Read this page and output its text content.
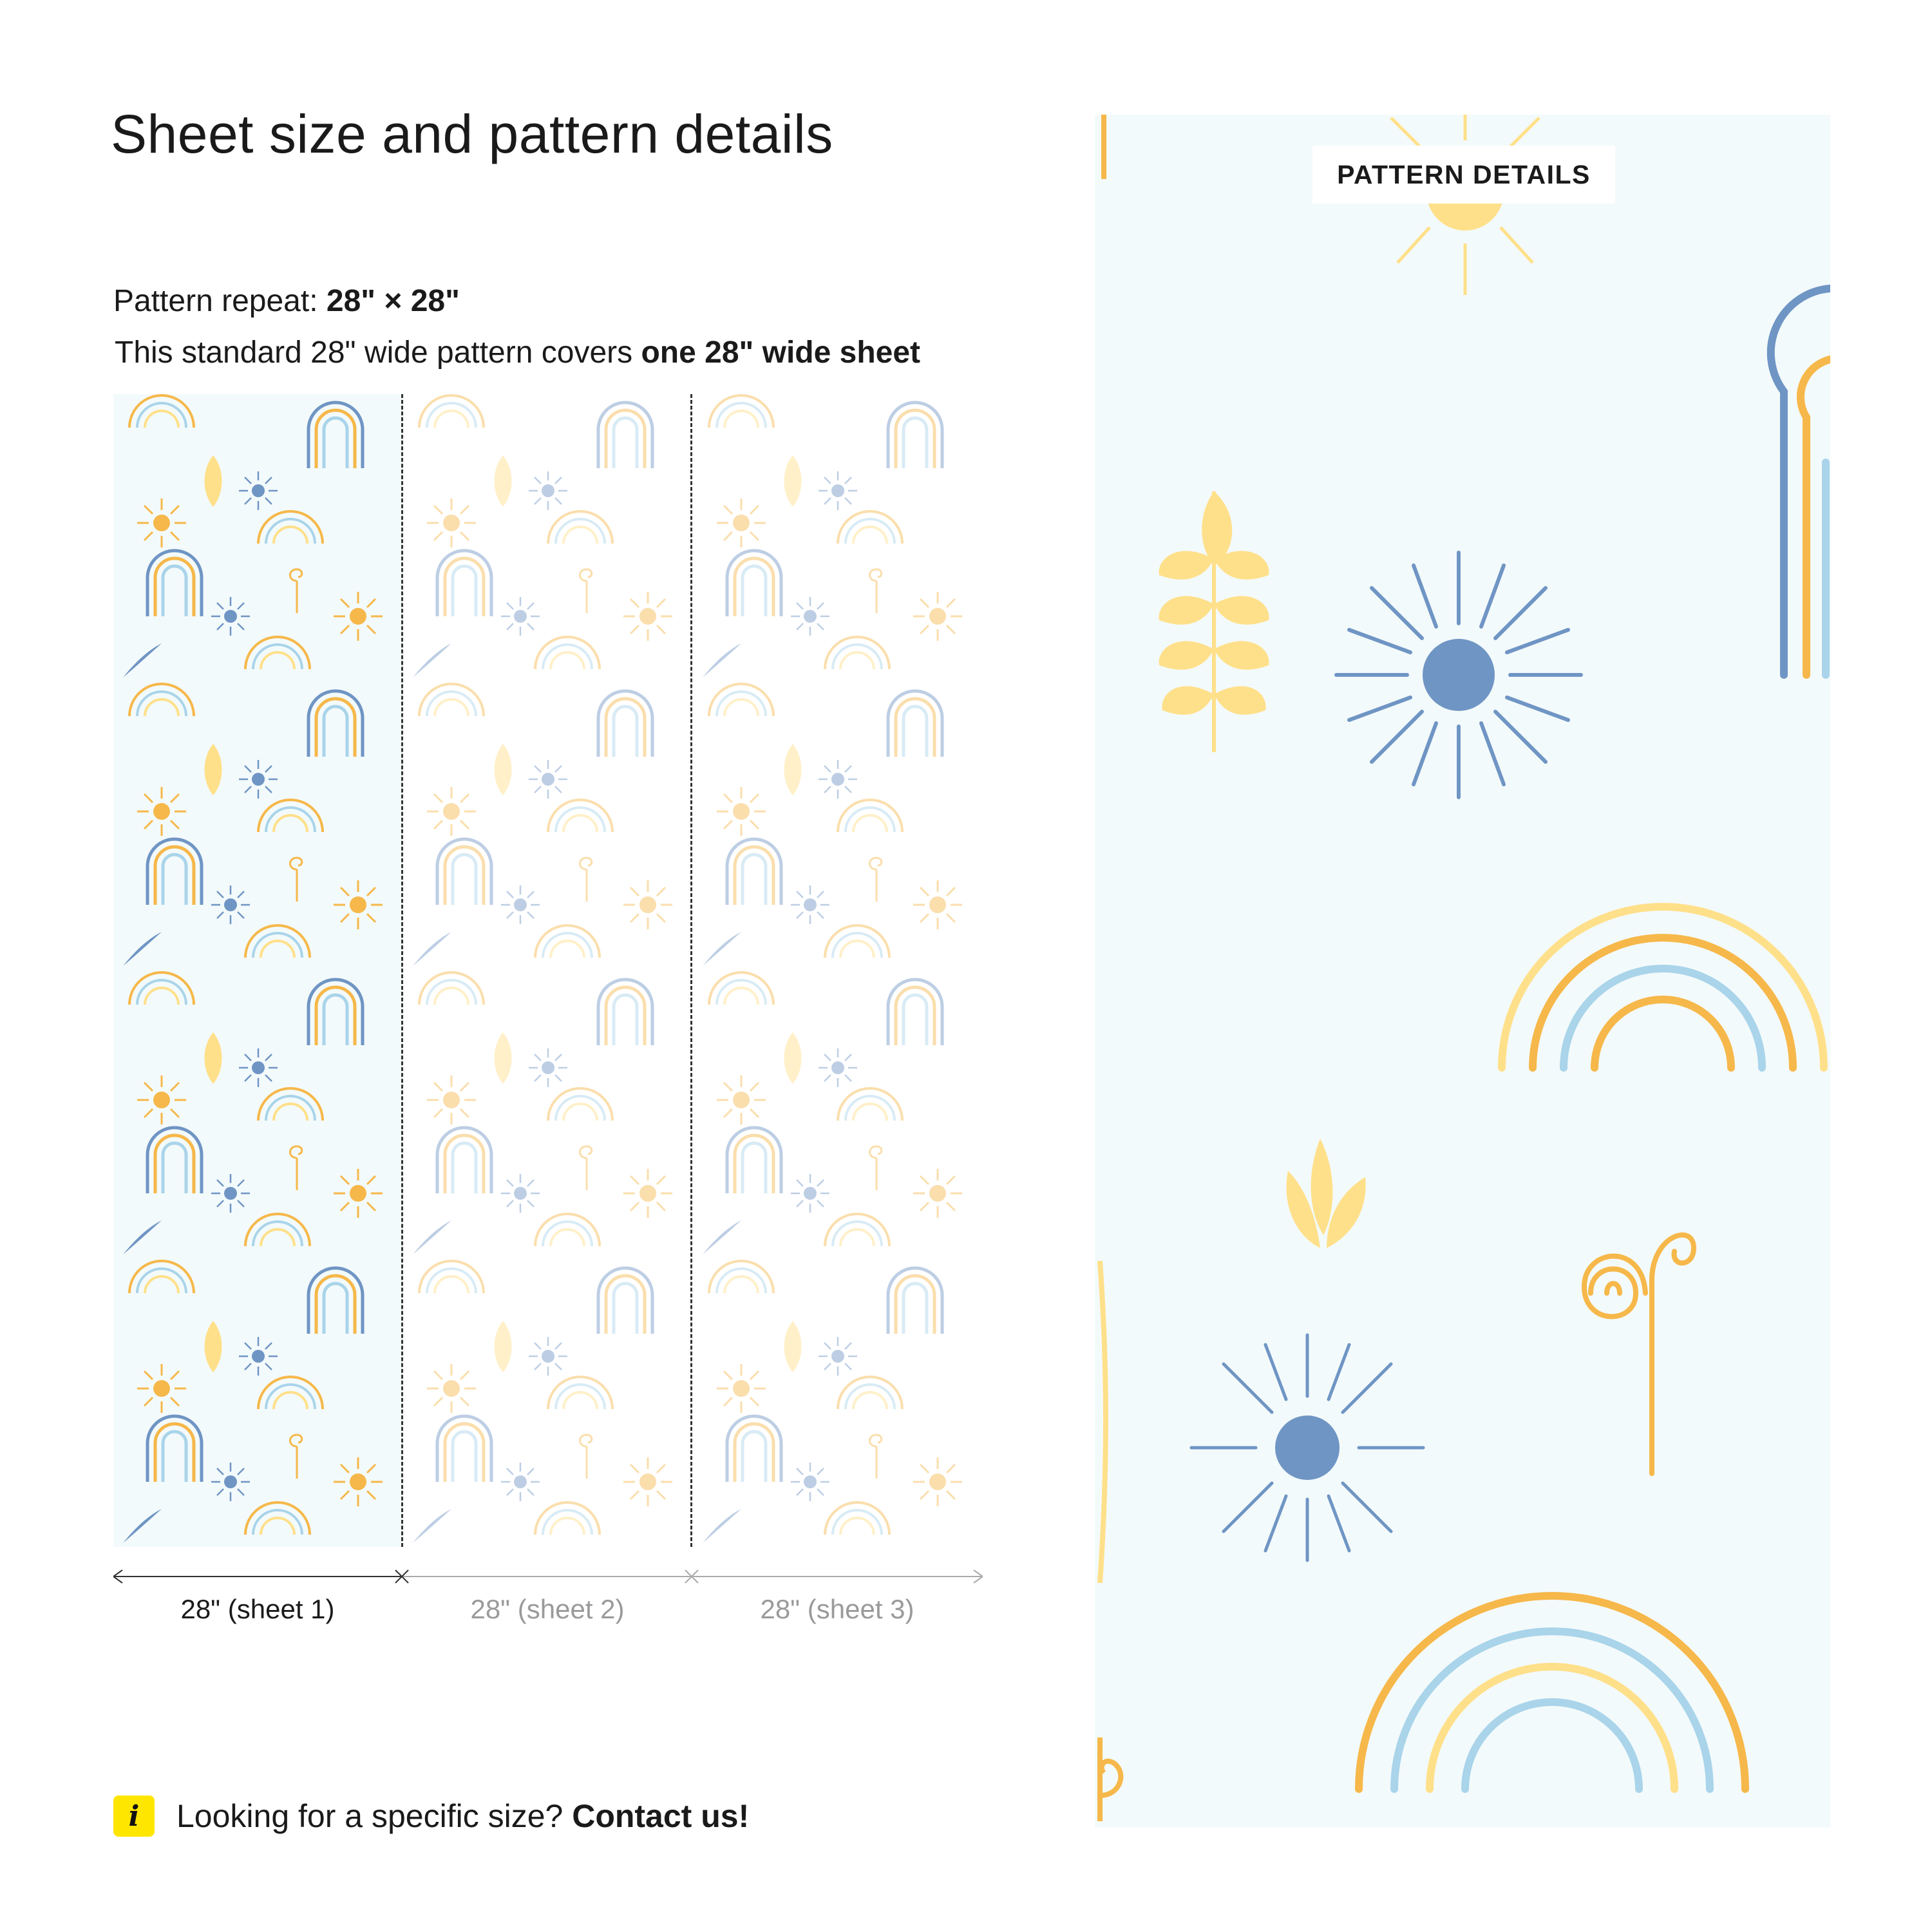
Sheet size and pattern details
Pattern repeat: 28" × 28"
This standard 28" wide pattern covers one 28" wide sheet
28" (sheet 1)	28" (sheet 2)	28" (sheet 3)
i	Looking for a specific size? Contact us!
PATTERN DETAILS
